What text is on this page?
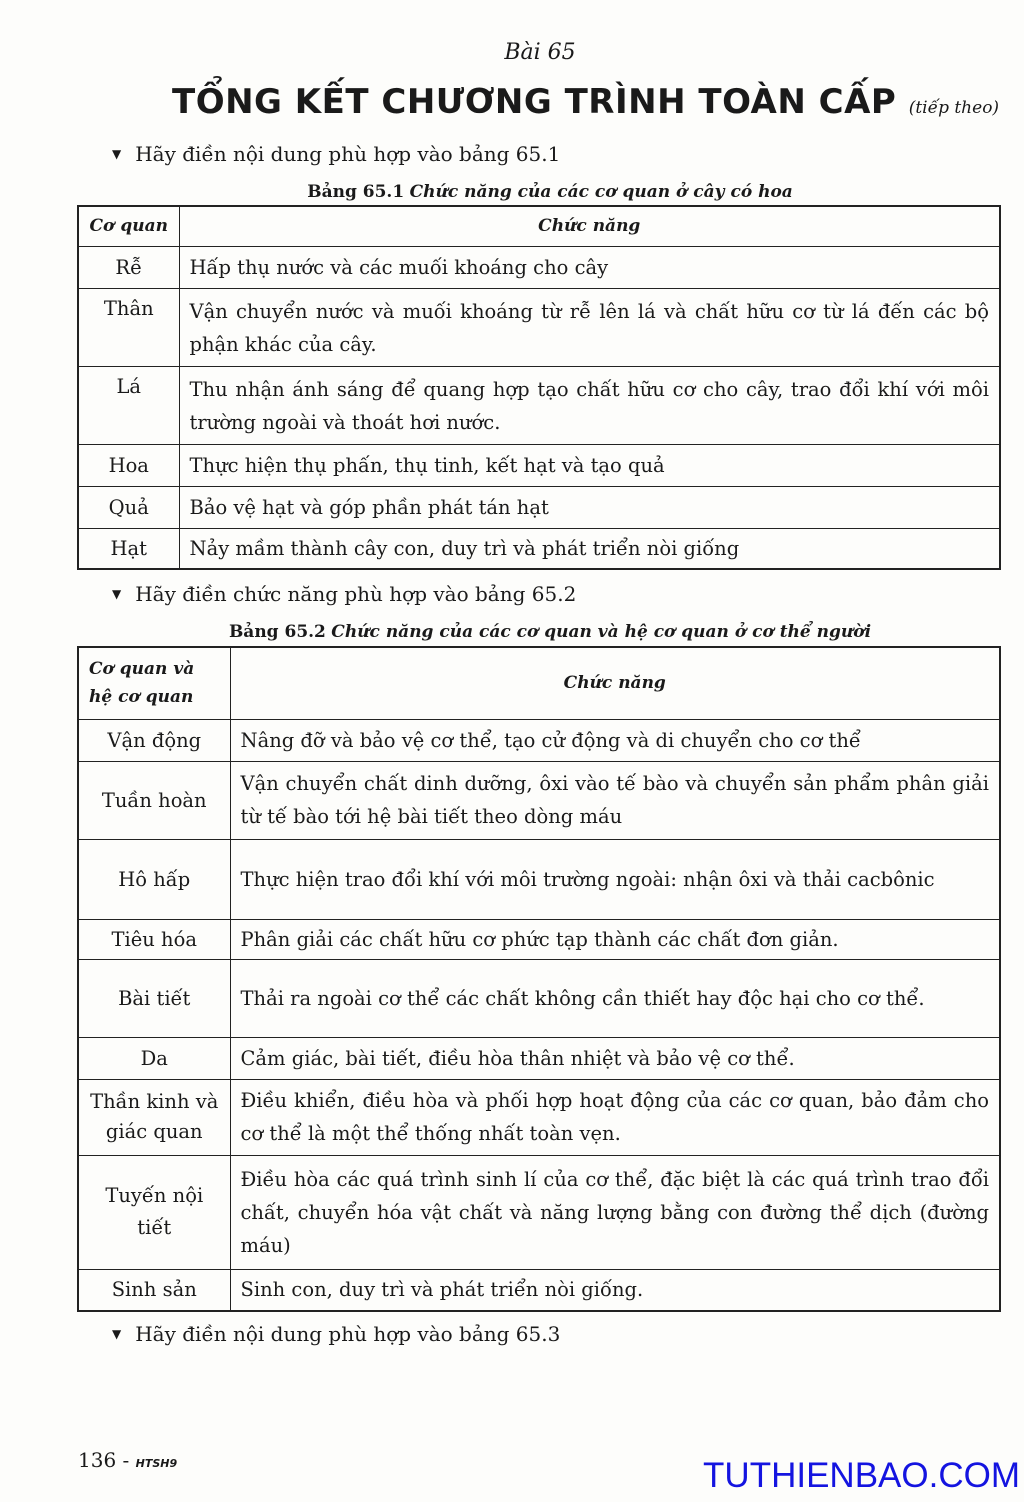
Bài 65
TỔNG KẾT CHƯƠNG TRÌNH TOÀN CẤP (tiếp theo)
▼ Hãy điền nội dung phù hợp vào bảng 65.1
Bảng 65.1 Chức năng của các cơ quan ở cây có hoa
Cơ quan	Chức năng
Rễ	Hấp thụ nước và các muối khoáng cho cây
Thân	Vận chuyển nước và muối khoáng từ rễ lên lá và chất hữu cơ từ lá đến các bộ phận khác của cây.
Lá	Thu nhận ánh sáng để quang hợp tạo chất hữu cơ cho cây, trao đổi khí với môi trường ngoài và thoát hơi nước.
Hoa	Thực hiện thụ phấn, thụ tinh, kết hạt và tạo quả
Quả	Bảo vệ hạt và góp phần phát tán hạt
Hạt	Nảy mầm thành cây con, duy trì và phát triển nòi giống
▼ Hãy điền chức năng phù hợp vào bảng 65.2
Bảng 65.2 Chức năng của các cơ quan và hệ cơ quan ở cơ thể người
Cơ quan và hệ cơ quan	Chức năng
Vận động	Nâng đỡ và bảo vệ cơ thể, tạo cử động và di chuyển cho cơ thể
Tuần hoàn	Vận chuyển chất dinh dưỡng, ôxi vào tế bào và chuyển sản phẩm phân giải từ tế bào tới hệ bài tiết theo dòng máu
Hô hấp	Thực hiện trao đổi khí với môi trường ngoài: nhận ôxi và thải cacbônic
Tiêu hóa	Phân giải các chất hữu cơ phức tạp thành các chất đơn giản.
Bài tiết	Thải ra ngoài cơ thể các chất không cần thiết hay độc hại cho cơ thể.
Da	Cảm giác, bài tiết, điều hòa thân nhiệt và bảo vệ cơ thể.
Thần kinh và giác quan	Điều khiển, điều hòa và phối hợp hoạt động của các cơ quan, bảo đảm cho cơ thể là một thể thống nhất toàn vẹn.
Tuyến nội tiết	Điều hòa các quá trình sinh lí của cơ thể, đặc biệt là các quá trình trao đổi chất, chuyển hóa vật chất và năng lượng bằng con đường thể dịch (đường máu)
Sinh sản	Sinh con, duy trì và phát triển nòi giống.
▼ Hãy điền nội dung phù hợp vào bảng 65.3
136 - HTSH9	TUTHIENBAO.COM
